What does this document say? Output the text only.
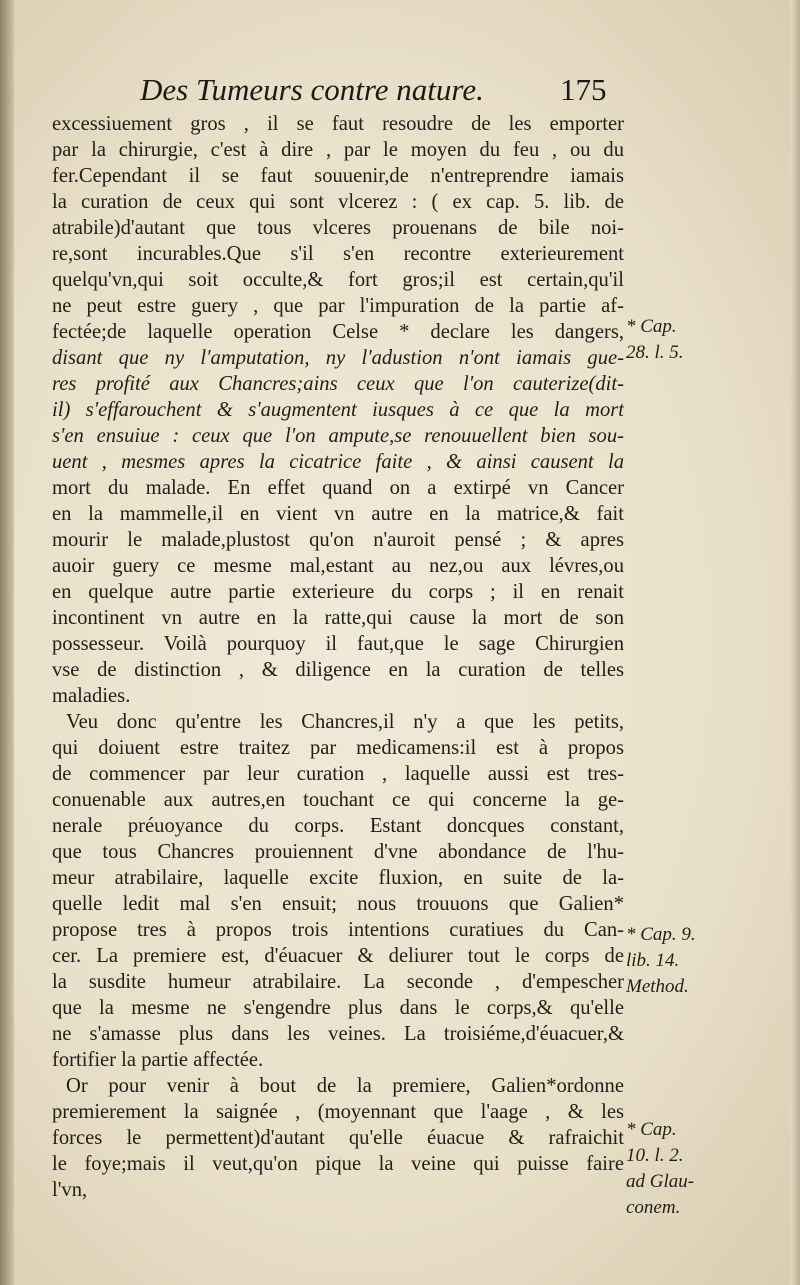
Des Tumeurs contre nature. 175
excessiuement gros , il se faut resoudre de les emporter
par la chirurgie, c'est à dire , par le moyen du feu , ou du
fer.Cependant il se faut souuenir,de n'entreprendre iamais
la curation de ceux qui sont vlcerez : ( ex cap. 5. lib. de
atrabile)d'autant que tous vlceres prouenans de bile noi-
re,sont incurables.Que s'il s'en recontre exterieurement
quelqu'vn,qui soit occulte,& fort gros;il est certain,qu'il
ne peut estre guery , que par l'impuration de la partie af-
fectée;de laquelle operation Celse * declare les dangers,
disant que ny l'amputation, ny l'adustion n'ont iamais gue-
res profité aux Chancres;ains ceux que l'on cauterize(dit-
il) s'effarouchent & s'augmentent iusques à ce que la mort
s'en ensuiue : ceux que l'on ampute,se renouuellent bien sou-
uent , mesmes apres la cicatrice faite , & ainsi causent la
mort du malade. En effet quand on a extirpé vn Cancer
en la mammelle,il en vient vn autre en la matrice,& fait
mourir le malade,plustost qu'on n'auroit pensé ; & apres
auoir guery ce mesme mal,estant au nez,ou aux lévres,ou
en quelque autre partie exterieure du corps ; il en renait
incontinent vn autre en la ratte,qui cause la mort de son
possesseur. Voilà pourquoy il faut,que le sage Chirurgien
vse de distinction , & diligence en la curation de telles
maladies.
Veu donc qu'entre les Chancres,il n'y a que les petits,
qui doiuent estre traitez par medicamens:il est à propos
de commencer par leur curation , laquelle aussi est tres-
conuenable aux autres,en touchant ce qui concerne la ge-
nerale préuoyance du corps. Estant doncques constant,
que tous Chancres prouiennent d'vne abondance de l'hu-
meur atrabilaire, laquelle excite fluxion, en suite de la-
quelle ledit mal s'en ensuit; nous trouuons que Galien*
propose tres à propos trois intentions curatiues du Can-
cer. La premiere est, d'éuacuer & deliurer tout le corps de
la susdite humeur atrabilaire. La seconde , d'empescher
que la mesme ne s'engendre plus dans le corps,& qu'elle
ne s'amasse plus dans les veines. La troisiéme,d'éuacuer,&
fortifier la partie affectée.
Or pour venir à bout de la premiere, Galien*ordonne
premierement la saignée , (moyennant que l'aage , & les
forces le permettent)d'autant qu'elle éuacue & rafraichit
le foye;mais il veut,qu'on pique la veine qui puisse faire
l'vn,
* Cap.
28. l. 5.
* Cap. 9.
lib. 14.
Method.
* Cap.
10. l. 2.
ad Glau-
conem.
